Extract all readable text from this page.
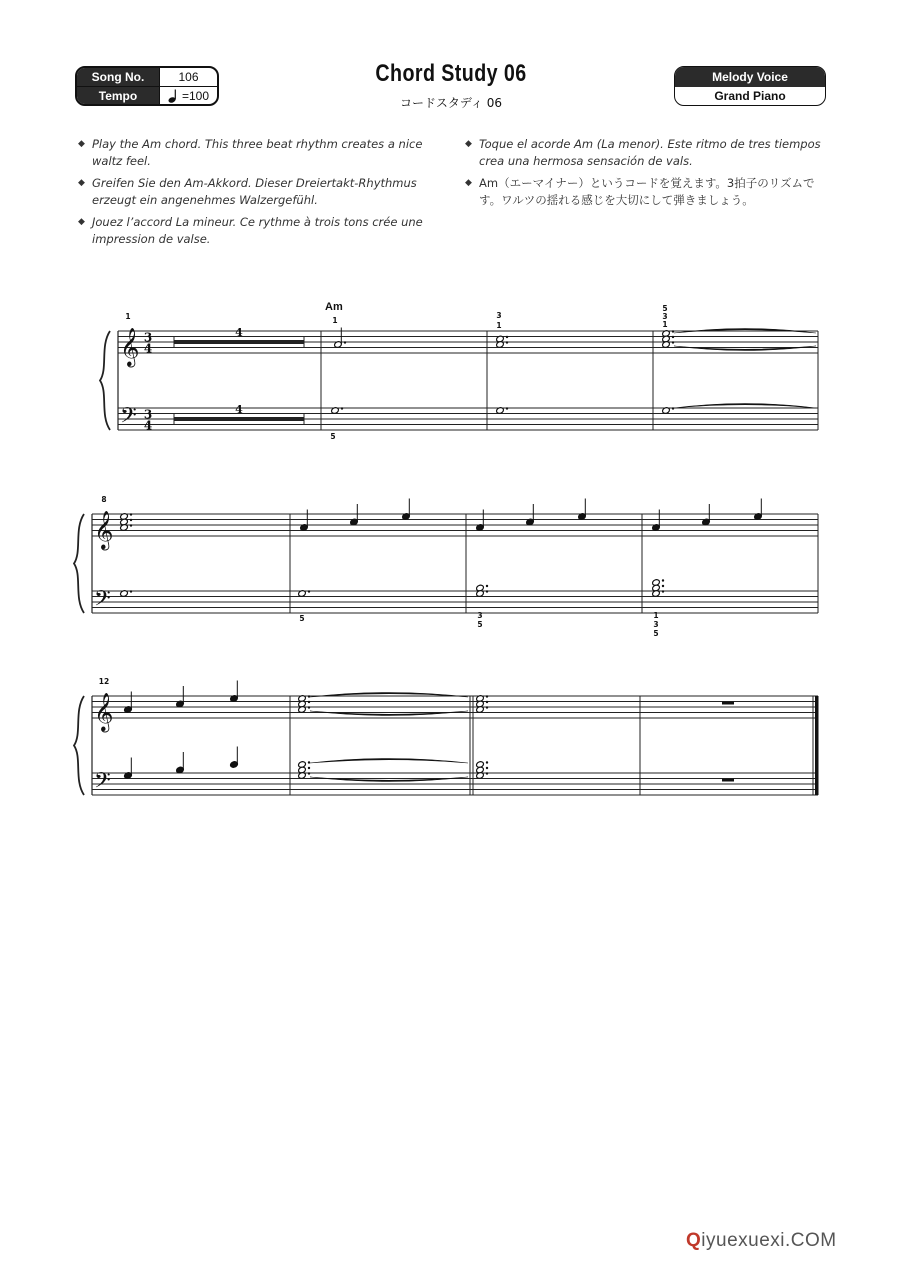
Song No.	106
Tempo	=100
Chord Study 06
コードスタディ 06
Melody Voice
Grand Piano
◆ Play the Am chord. This three beat rhythm creates a nice waltz feel.
◆ Greifen Sie den Am-Akkord. Dieser Dreiertakt-Rhythmus erzeugt ein angenehmes Walzergefühl.
◆ Jouez l’accord La mineur. Ce rythme à trois tons crée une impression de valse.
◆ Toque el acorde Am (La menor). Este ritmo de tres tiempos crea una hermosa sensación de vals.
◆ Am（エーマイナー）というコードを覚えます。3拍子のリズムです。ワルツの揺れる感じを大切にして弾きましょう。
𝄞
𝄢
3
4
3
4
1
4
4
Am
1
5
3
1
5
3
1
𝄞
𝄢
8
5	3
5
1
3
5
𝄞
𝄢
12
Qiyuexuexi.COM
